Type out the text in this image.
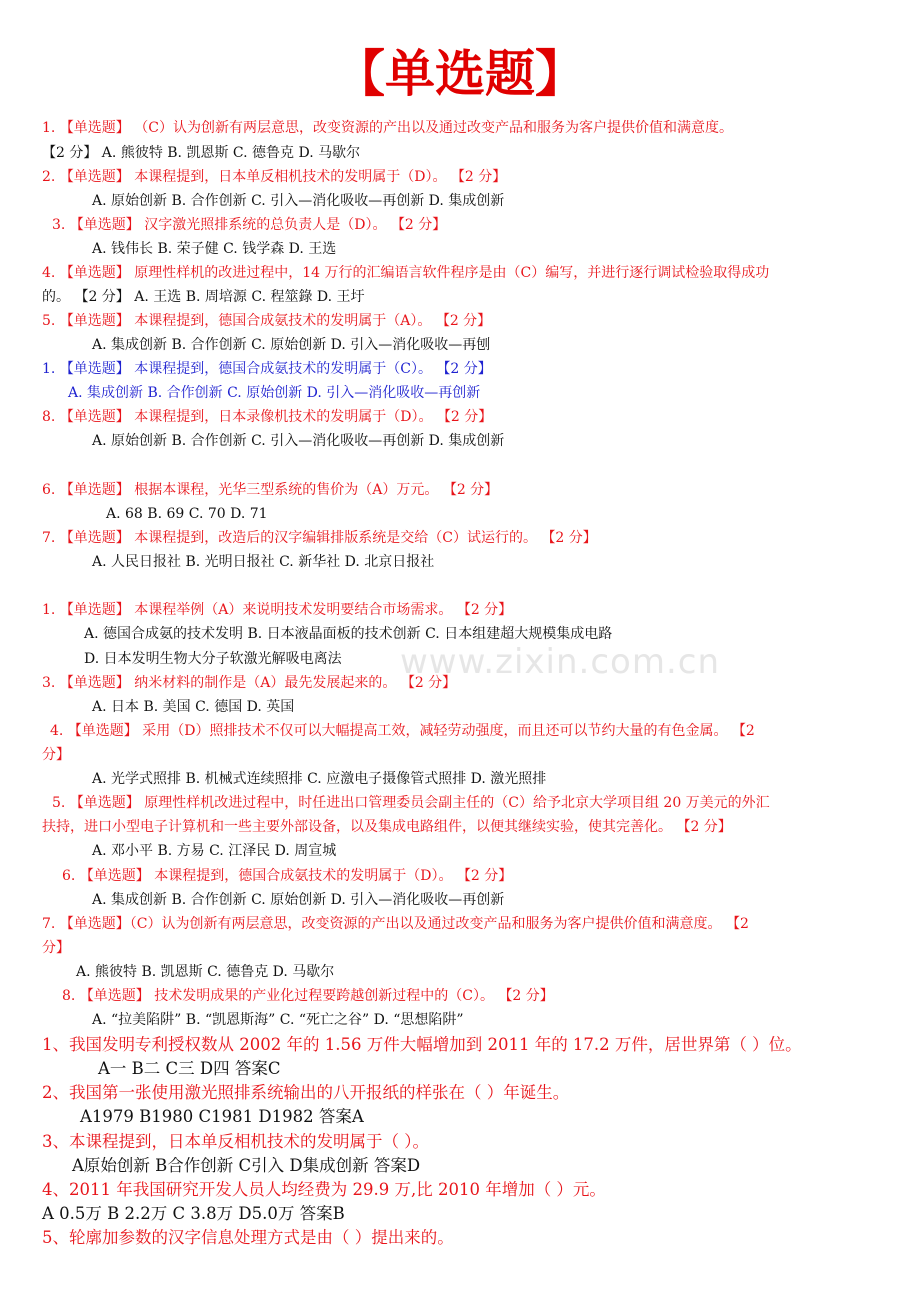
【单选题】
www.zixin.com.cn
1. 【单选题】 （C）认为创新有两层意思，改变资源的产出以及通过改变产品和服务为客户提供价值和满意度。
【2 分】 A. 熊彼特 B. 凯恩斯 C. 德鲁克 D. 马歇尔
2. 【单选题】 本课程提到，日本单反相机技术的发明属于（D）。 【2 分】
A. 原始创新 B. 合作创新 C. 引入—消化吸收—再创新 D. 集成创新
3. 【单选题】 汉字激光照排系统的总负责人是（D）。 【2 分】
A. 钱伟长 B. 荣子健 C. 钱学森 D. 王选
4. 【单选题】 原理性样机的改进过程中，14 万行的汇编语言软件程序是由（C）编写，并进行逐行调试检验取得成功
的。 【2 分】 A. 王选 B. 周培源 C. 程筮錄 D. 王圩
5. 【单选题】 本课程提到，德国合成氨技术的发明属于（A）。 【2 分】
A. 集成创新 B. 合作创新 C. 原始创新 D. 引入—消化吸收—再刨
1. 【单选题】 本课程提到，德国合成氨技术的发明属于（C）。 【2 分】
A. 集成创新 B. 合作创新 C. 原始创新 D. 引入—消化吸收—再创新
8. 【单选题】 本课程提到，日本录像机技术的发明属于（D）。 【2 分】
A. 原始创新 B. 合作创新 C. 引入—消化吸收—再创新 D. 集成创新
6. 【单选题】 根据本课程，光华三型系统的售价为（A）万元。 【2 分】
A. 68 B. 69 C. 70 D. 71
7. 【单选题】 本课程提到，改造后的汉字编辑排版系统是交给（C）试运行的。 【2 分】
A. 人民日报社 B. 光明日报社 C. 新华社 D. 北京日报社
1. 【单选题】 本课程举例（A）来说明技术发明要结合市场需求。 【2 分】
A. 德国合成氨的技术发明 B. 日本液晶面板的技术创新 C. 日本组建超大规模集成电路
D. 日本发明生物大分子软激光解吸电离法
3. 【单选题】 纳米材料的制作是（A）最先发展起来的。 【2 分】
A. 日本 B. 美国 C. 德国 D. 英国
4. 【单选题】 采用（D）照排技术不仅可以大幅提高工效，减轻劳动强度，而且还可以节约大量的有色金属。 【2
分】
A. 光学式照排 B. 机械式连续照排 C. 应激电子摄像管式照排 D. 激光照排
5. 【单选题】 原理性样机改进过程中，时任进出口管理委员会副主任的（C）给予北京大学项目组 20 万美元的外汇
扶持，进口小型电子计算机和一些主要外部设备，以及集成电路组件，以便其继续实验，使其完善化。 【2 分】
A. 邓小平 B. 方易 C. 江泽民 D. 周宣城
6. 【单选题】 本课程提到，德国合成氨技术的发明属于（D）。 【2 分】
A. 集成创新 B. 合作创新 C. 原始创新 D. 引入—消化吸收—再创新
7. 【单选题】（C）认为创新有两层意思，改变资源的产出以及通过改变产品和服务为客户提供价值和满意度。 【2
分】
A. 熊彼特 B. 凯恩斯 C. 德鲁克 D. 马歇尔
8. 【单选题】 技术发明成果的产业化过程要跨越创新过程中的（C）。 【2 分】
A. “拉美陷阱” B. “凯恩斯海” C. “死亡之谷” D. “思想陷阱”
1、我国发明专利授权数从 2002 年的 1.56 万件大幅增加到 2011 年的 17.2 万件，居世界第（ ）位。
A一 B二 C三 D四 答案C
2、我国第一张使用激光照排系统输出的八开报纸的样张在（ ）年诞生。
A1979 B1980 C1981 D1982 答案A
3、本课程提到，日本单反相机技术的发明属于（ ）。
A原始创新 B合作创新 C引入 D集成创新 答案D
4、2011 年我国研究开发人员人均经费为 29.9 万,比 2010 年增加（ ）元。
A 0.5万 B 2.2万 C 3.8万 D5.0万 答案B
5、轮廓加参数的汉字信息处理方式是由（ ）提出来的。
